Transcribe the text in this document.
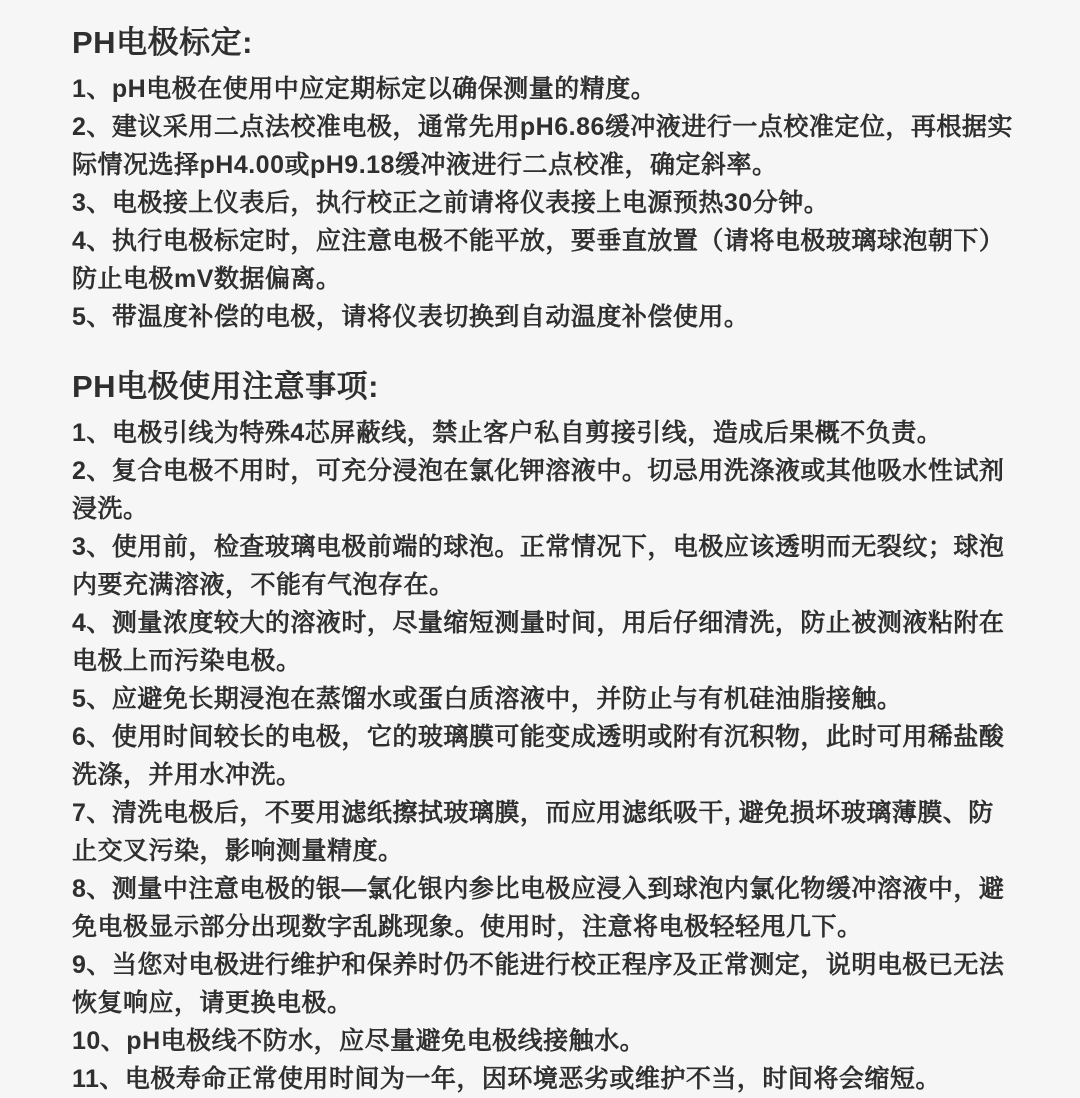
PH电极标定:

1、pH电极在使用中应定期标定以确保测量的精度。

2、建议采用二点法校准电极，通常先用pH6.86缓冲液进行一点校准定位，再根据实际情况选择pH4.00或pH9.18缓冲液进行二点校准，确定斜率。

3、电极接上仪表后，执行校正之前请将仪表接上电源预热30分钟。

4、执行电极标定时，应注意电极不能平放，要垂直放置（请将电极玻璃球泡朝下）防止电极mV数据偏离。

5、带温度补偿的电极，请将仪表切换到自动温度补偿使用。

PH电极使用注意事项:

1、电极引线为特殊4芯屏蔽线，禁止客户私自剪接引线，造成后果概不负责。

2、复合电极不用时，可充分浸泡在氯化钾溶液中。切忌用洗涤液或其他吸水性试剂浸洗。

3、使用前，检查玻璃电极前端的球泡。正常情况下，电极应该透明而无裂纹；球泡内要充满溶液，不能有气泡存在。

4、测量浓度较大的溶液时，尽量缩短测量时间，用后仔细清洗，防止被测液粘附在电极上而污染电极。

5、应避免长期浸泡在蒸馏水或蛋白质溶液中，并防止与有机硅油脂接触。

6、使用时间较长的电极，它的玻璃膜可能变成透明或附有沉积物，此时可用稀盐酸洗涤，并用水冲洗。

7、清洗电极后，不要用滤纸擦拭玻璃膜，而应用滤纸吸干, 避免损坏玻璃薄膜、防止交叉污染，影响测量精度。

8、测量中注意电极的银—氯化银内参比电极应浸入到球泡内氯化物缓冲溶液中，避免电极显示部分出现数字乱跳现象。使用时，注意将电极轻轻甩几下。

9、当您对电极进行维护和保养时仍不能进行校正程序及正常测定，说明电极已无法恢复响应，请更换电极。

10、pH电极线不防水，应尽量避免电极线接触水。

11、电极寿命正常使用时间为一年，因环境恶劣或维护不当，时间将会缩短。
